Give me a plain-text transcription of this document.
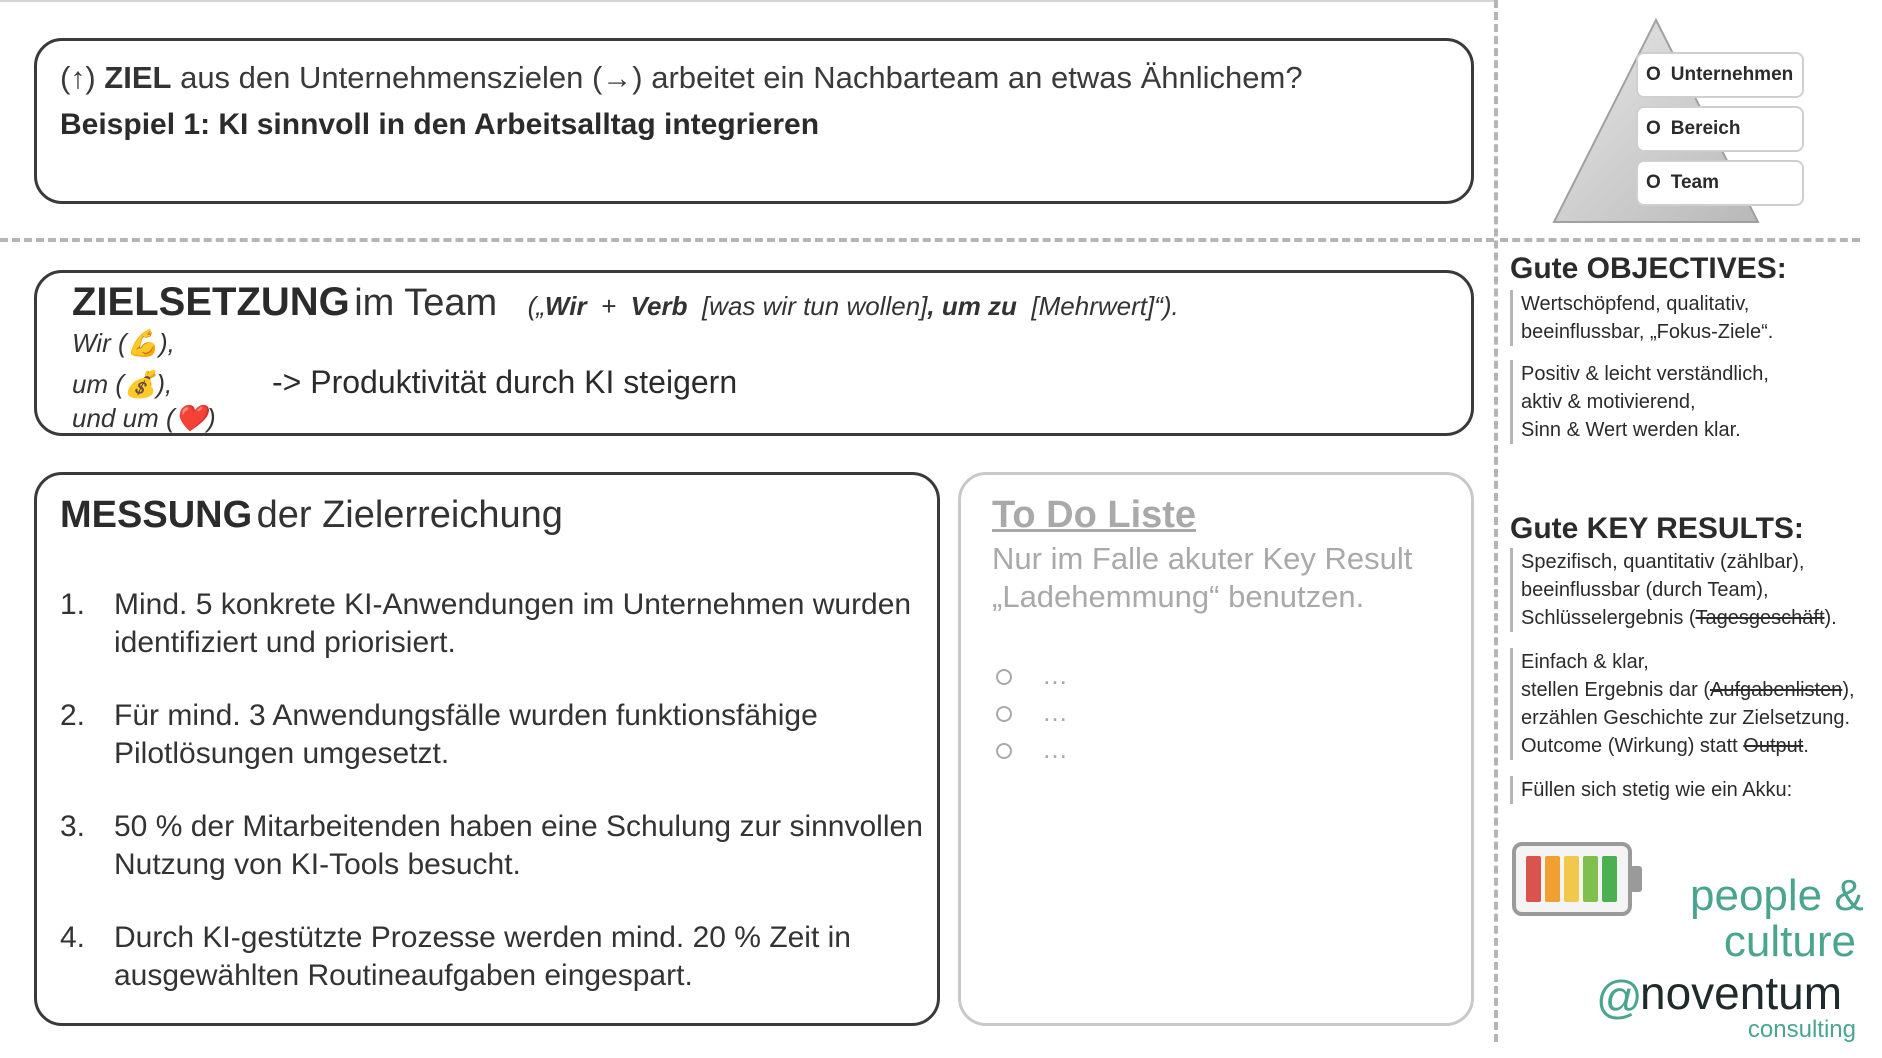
(↑) ZIEL aus den Unternehmenszielen (→) arbeitet ein Nachbarteam an etwas Ähnlichem?
Beispiel 1: KI sinnvoll in den Arbeitsalltag integrieren
ZIELSETZUNG im Team („Wir + Verb [was wir tun wollen], um zu [Mehrwert]“).
Wir (💪),
um (💰),
und um (❤️)
-> Produktivität durch KI steigern
MESSUNG der Zielerreichung
1. Mind. 5 konkrete KI-Anwendungen im Unternehmen wurden identifiziert und priorisiert.
2. Für mind. 3 Anwendungsfälle wurden funktionsfähige Pilotlösungen umgesetzt.
3. 50 % der Mitarbeitenden haben eine Schulung zur sinnvollen Nutzung von KI-Tools besucht.
4. Durch KI-gestützte Prozesse werden mind. 20 % Zeit in ausgewählten Routineaufgaben eingespart.
To Do Liste
Nur im Falle akuter Key Result „Ladehemmung“ benutzen.
…
…
…
O Unternehmen
O Bereich
O Team
Gute OBJECTIVES:
Wertschöpfend, qualitativ,
beeinflussbar, „Fokus-Ziele“.
Positiv & leicht verständlich,
aktiv & motivierend,
Sinn & Wert werden klar.
Gute KEY RESULTS:
Spezifisch, quantitativ (zählbar),
beeinflussbar (durch Team),
Schlüsselergebnis (Tagesgeschäft).
Einfach & klar,
stellen Ergebnis dar (Aufgabenlisten),
erzählen Geschichte zur Zielsetzung.
Outcome (Wirkung) statt Output.
Füllen sich stetig wie ein Akku:
people &
culture
@
noventum
consulting
